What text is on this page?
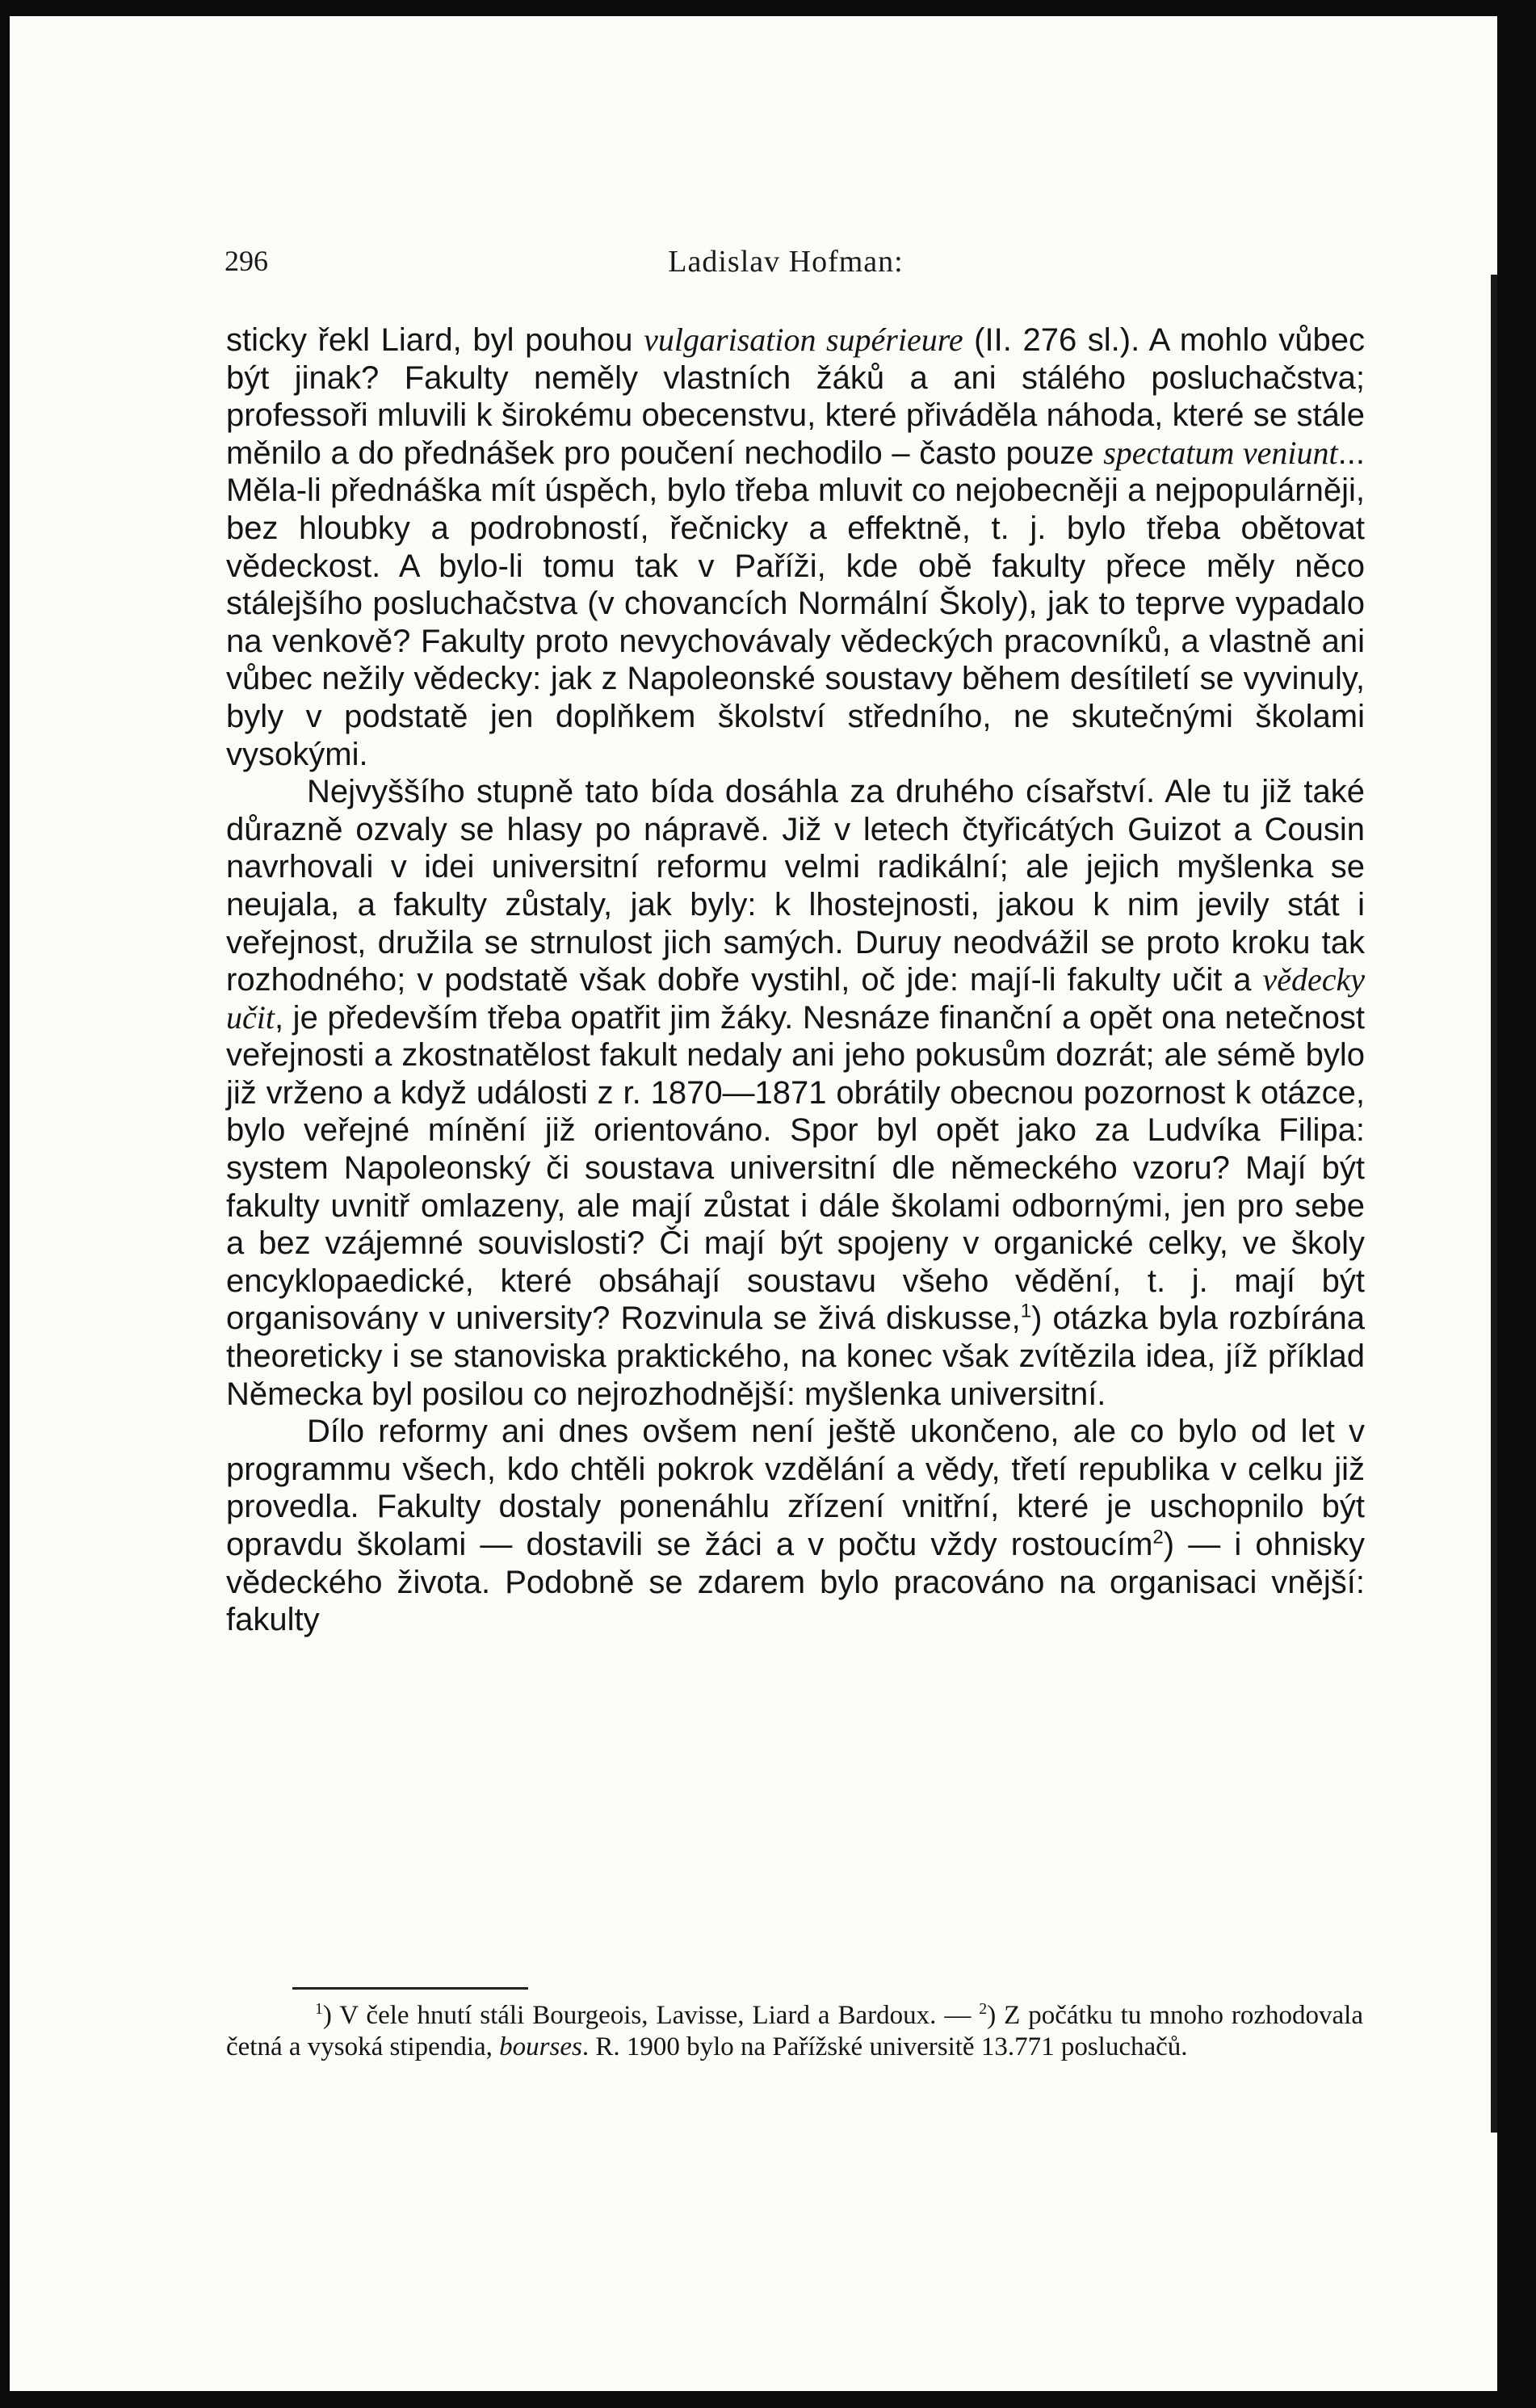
296	Ladislav Hofman:

sticky řekl Liard, byl pouhou vulgarisation supérieure (II. 276 sl.). A mohlo vůbec být jinak? Fakulty neměly vlastních žáků a ani stálého posluchačstva; professoři mluvili k širokému obecenstvu, které přiváděla náhoda, které se stále měnilo a do přednášek pro poučení nechodilo – často pouze spectatum veniunt... Měla-li přednáška mít úspěch, bylo třeba mluvit co nejobecněji a nejpopulárněji, bez hloubky a podrobností, řečnicky a effektně, t. j. bylo třeba obětovat vědeckost. A bylo-li tomu tak v Paříži, kde obě fakulty přece měly něco stálejšího posluchačstva (v chovancích Normální Školy), jak to teprve vypadalo na venkově? Fakulty proto nevychovávaly vědeckých pracovníků, a vlastně ani vůbec nežily vědecky: jak z Napoleonské soustavy během desítiletí se vyvinuly, byly v podstatě jen doplňkem školství středního, ne skutečnými školami vysokými.

Nejvyššího stupně tato bída dosáhla za druhého císařství. Ale tu již také důrazně ozvaly se hlasy po nápravě. Již v letech čtyřicátých Guizot a Cousin navrhovali v idei universitní reformu velmi radikální; ale jejich myšlenka se neujala, a fakulty zůstaly, jak byly: k lhostejnosti, jakou k nim jevily stát i veřejnost, družila se strnulost jich samých. Duruy neodvážil se proto kroku tak rozhodného; v podstatě však dobře vystihl, oč jde: mají-li fakulty učit a vědecky učit, je především třeba opatřit jim žáky. Nesnáze finanční a opět ona netečnost veřejnosti a zkostnatělost fakult nedaly ani jeho pokusům dozrát; ale sémě bylo již vrženo a když události z r. 1870—1871 obrátily obecnou pozornost k otázce, bylo veřejné mínění již orientováno. Spor byl opět jako za Ludvíka Filipa: system Napoleonský či soustava universitní dle německého vzoru? Mají být fakulty uvnitř omlazeny, ale mají zůstat i dále školami odbornými, jen pro sebe a bez vzájemné souvislosti? Či mají být spojeny v organické celky, ve školy encyklopaedické, které obsáhají soustavu všeho vědění, t. j. mají být organisovány v university? Rozvinula se živá diskusse,$^1$) otázka byla rozbírána theoreticky i se stanoviska praktického, na konec však zvítězila idea, jíž příklad Německa byl posilou co nejrozhodnější: myšlenka universitní.

Dílo reformy ani dnes ovšem není ještě ukončeno, ale co bylo od let v programmu všech, kdo chtěli pokrok vzdělání a vědy, třetí republika v celku již provedla. Fakulty dostaly ponenáhlu zřízení vnitřní, které je uschopnilo být opravdu školami — dostavili se žáci a v počtu vždy rostoucím$^2$) — i ohnisky vědeckého života. Podobně se zdarem bylo pracováno na organisaci vnější: fakulty

$^1$) V čele hnutí stáli Bourgeois, Lavisse, Liard a Bardoux. — $^2$) Z počátku tu mnoho rozhodovala četná a vysoká stipendia, bourses. R. 1900 bylo na Pařížské universitě 13.771 posluchačů.
